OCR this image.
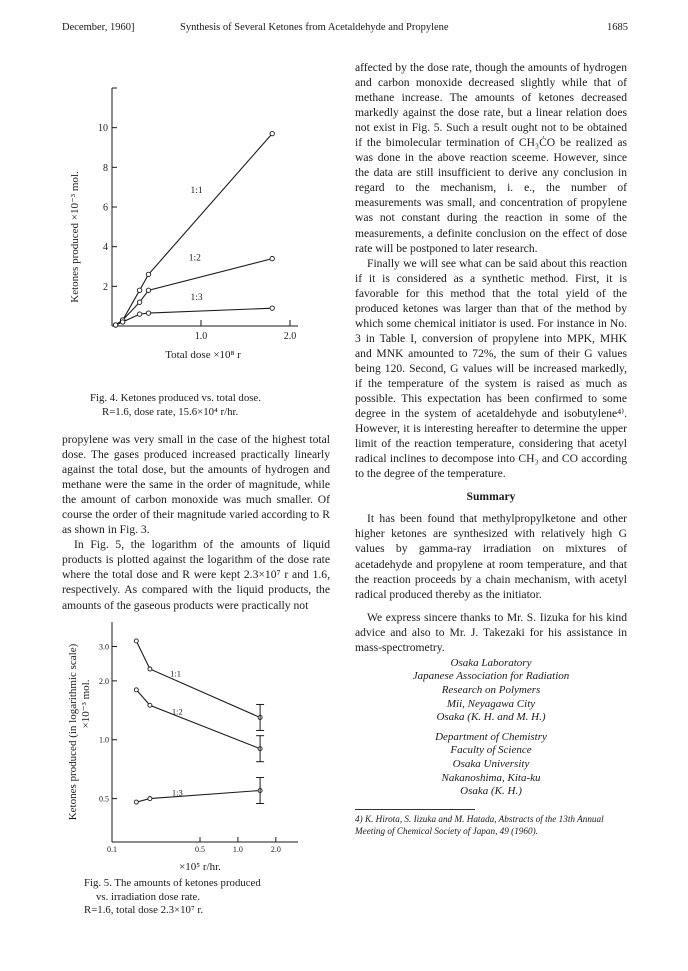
December, 1960]	Synthesis of Several Ketones from Acetaldehyde and Propylene	1685
2
4
6
8
10
1.0	2.0
Total dose ×10⁸ r
Ketones produced ×10⁻³ mol.	1:1
1:2
1:3
Fig. 4. Ketones produced vs. total dose.
R=1.6, dose rate, 15.6×10⁴ r/hr.

propylene was very small in the case of the highest total dose. The gases produced increased practically linearly against the total dose, but the amounts of hydrogen and methane were the same in the order of magnitude, while the amount of carbon monoxide was much smaller. Of course the order of their magnitude varied according to R as shown in Fig. 3.

In Fig. 5, the logarithm of the amounts of liquid products is plotted against the logarithm of the dose rate where the total dose and R were kept 2.3×10⁷ r and 1.6, respectively. As compared with the liquid products, the amounts of the gaseous products were practically not

0.5
1.0
2.0
3.0
0.1	0.5	1.0	2.0
×10⁵ r/hr.
Ketones produced (in logarithmic scale) ×10⁻³ mol.
1:1
1:2
1:3
Fig. 5. The amounts of ketones produced
vs. irradiation dose rate.
R=1.6, total dose 2.3×10⁷ r.

affected by the dose rate, though the amounts of hydrogen and carbon monoxide decreased slightly while that of methane increase. The amounts of ketones decreased markedly against the dose rate, but a linear relation does not exist in Fig. 5. Such a result ought not to be obtained if the bimolecular termination of CH₃ĊO be realized as was done in the above reaction sceeme. However, since the data are still insufficient to derive any conclusion in regard to the mechanism, i. e., the number of measurements was small, and concentration of propylene was not constant during the reaction in some of the measurements, a definite conclusion on the effect of dose rate will be postponed to later research.

Finally we will see what can be said about this reaction if it is considered as a synthetic method. First, it is favorable for this method that the total yield of the produced ketones was larger than that of the method by which some chemical initiator is used. For instance in No. 3 in Table I, conversion of propylene into MPK, MHK and MNK amounted to 72%, the sum of their G values being 120. Second, G values will be increased markedly, if the temperature of the system is raised as much as possible. This expectation has been confirmed to some degree in the system of acetaldehyde and isobutylene⁴⁾. However, it is interesting hereafter to determine the upper limit of the reaction temperature, considering that acetyl radical inclines to decompose into CH₃ and CO according to the degree of the temperature.

Summary

It has been found that methylpropylketone and other higher ketones are synthesized with relatively high G values by gamma-ray irradiation on mixtures of acetadehyde and propylene at room temperature, and that the reaction proceeds by a chain mechanism, with acetyl radical produced thereby as the initiator.

We express sincere thanks to Mr. S. Iizuka for his kind advice and also to Mr. J. Takezaki for his assistance in mass-spectrometry.

Osaka Laboratory
Japanese Association for Radiation
Research on Polymers
Mii, Neyagawa City
Osaka (K. H. and M. H.)
Department of Chemistry
Faculty of Science
Osaka University
Nakanoshima, Kita-ku
Osaka (K. H.)
4) K. Hirota, S. Iizuka and M. Hatada, Abstracts of the 13th Annual Meeting of Chemical Society of Japan, 49 (1960).
